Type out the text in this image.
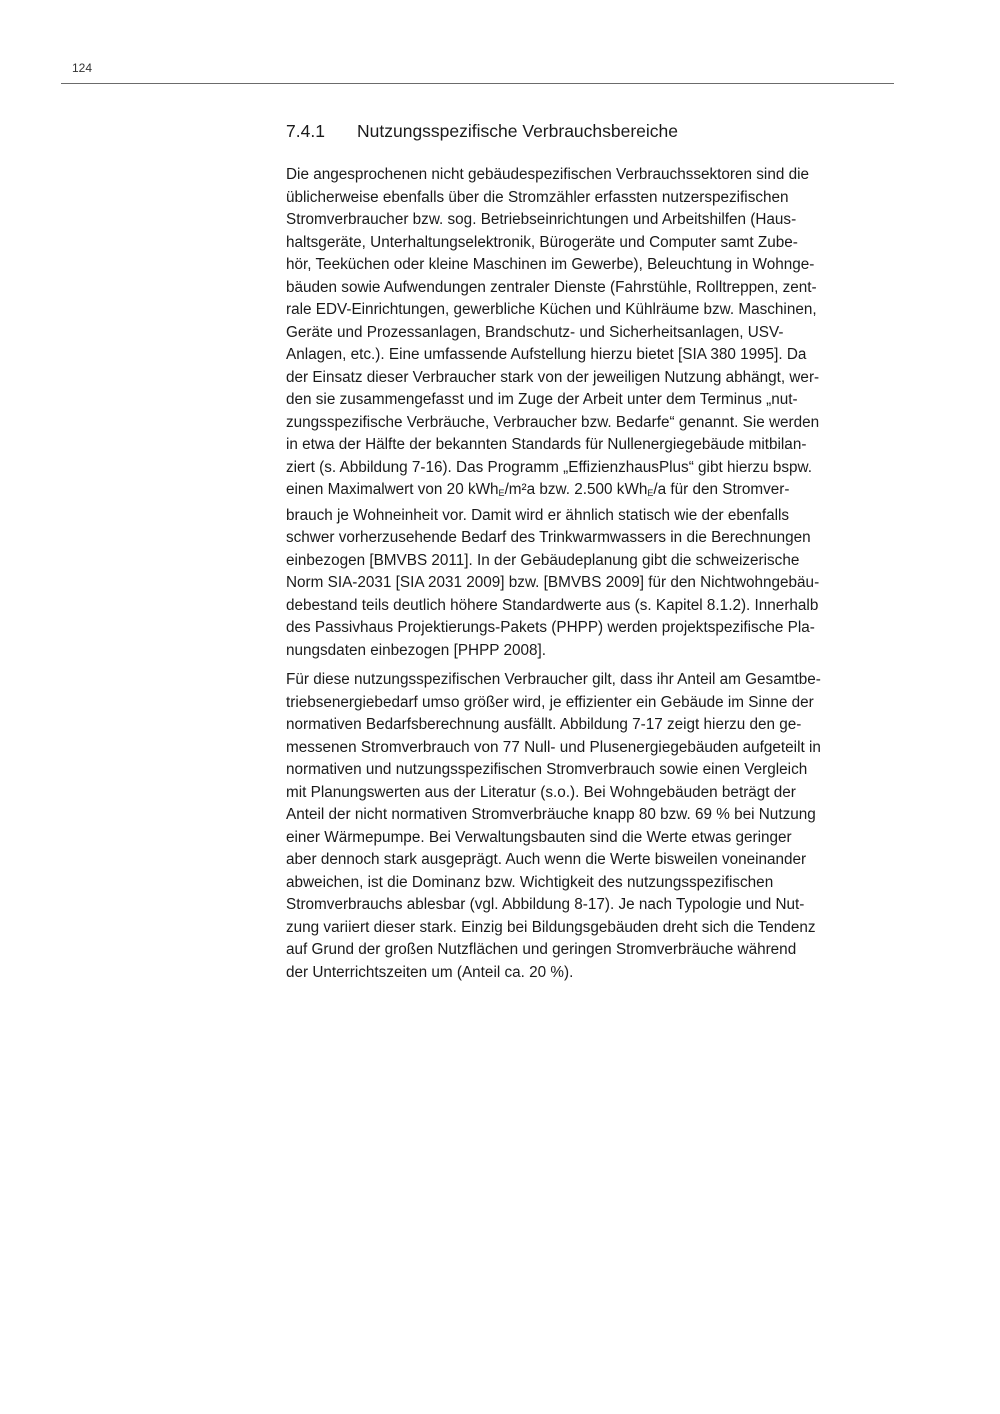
124
7.4.1 Nutzungsspezifische Verbrauchsbereiche
Die angesprochenen nicht gebäudespezifischen Verbrauchssektoren sind die
üblicherweise ebenfalls über die Stromzähler erfassten nutzerspezifischen
Stromverbraucher bzw. sog. Betriebseinrichtungen und Arbeitshilfen (Haus-
haltsgeräte, Unterhaltungselektronik, Bürogeräte und Computer samt Zube-
hör, Teeküchen oder kleine Maschinen im Gewerbe), Beleuchtung in Wohnge-
bäuden sowie Aufwendungen zentraler Dienste (Fahrstühle, Rolltreppen, zent-
rale EDV-Einrichtungen, gewerbliche Küchen und Kühlräume bzw. Maschinen,
Geräte und Prozessanlagen, Brandschutz- und Sicherheitsanlagen, USV-
Anlagen, etc.). Eine umfassende Aufstellung hierzu bietet [SIA 380 1995]. Da
der Einsatz dieser Verbraucher stark von der jeweiligen Nutzung abhängt, wer-
den sie zusammengefasst und im Zuge der Arbeit unter dem Terminus „nut-
zungsspezifische Verbräuche, Verbraucher bzw. Bedarfe“ genannt. Sie werden
in etwa der Hälfte der bekannten Standards für Nullenergiegebäude mitbilan-
ziert (s. Abbildung 7-16). Das Programm „EffizienzhausPlus“ gibt hierzu bspw.
einen Maximalwert von 20 kWh$_E$/m²a bzw. 2.500 kWh$_E$/a für den Stromver-
brauch je Wohneinheit vor. Damit wird er ähnlich statisch wie der ebenfalls
schwer vorherzusehende Bedarf des Trinkwarmwassers in die Berechnungen
einbezogen [BMVBS 2011]. In der Gebäudeplanung gibt die schweizerische
Norm SIA-2031 [SIA 2031 2009] bzw. [BMVBS 2009] für den Nichtwohngebäu-
debestand teils deutlich höhere Standardwerte aus (s. Kapitel 8.1.2). Innerhalb
des Passivhaus Projektierungs-Pakets (PHPP) werden projektspezifische Pla-
nungsdaten einbezogen [PHPP 2008].
Für diese nutzungsspezifischen Verbraucher gilt, dass ihr Anteil am Gesamtbe-
triebsenergiebedarf umso größer wird, je effizienter ein Gebäude im Sinne der
normativen Bedarfsberechnung ausfällt. Abbildung 7-17 zeigt hierzu den ge-
messenen Stromverbrauch von 77 Null- und Plusenergiegebäuden aufgeteilt in
normativen und nutzungsspezifischen Stromverbrauch sowie einen Vergleich
mit Planungswerten aus der Literatur (s.o.). Bei Wohngebäuden beträgt der
Anteil der nicht normativen Stromverbräuche knapp 80 bzw. 69 % bei Nutzung
einer Wärmepumpe. Bei Verwaltungsbauten sind die Werte etwas geringer
aber dennoch stark ausgeprägt. Auch wenn die Werte bisweilen voneinander
abweichen, ist die Dominanz bzw. Wichtigkeit des nutzungsspezifischen
Stromverbrauchs ablesbar (vgl. Abbildung 8-17). Je nach Typologie und Nut-
zung variiert dieser stark. Einzig bei Bildungsgebäuden dreht sich die Tendenz
auf Grund der großen Nutzflächen und geringen Stromverbräuche während
der Unterrichtszeiten um (Anteil ca. 20 %).
